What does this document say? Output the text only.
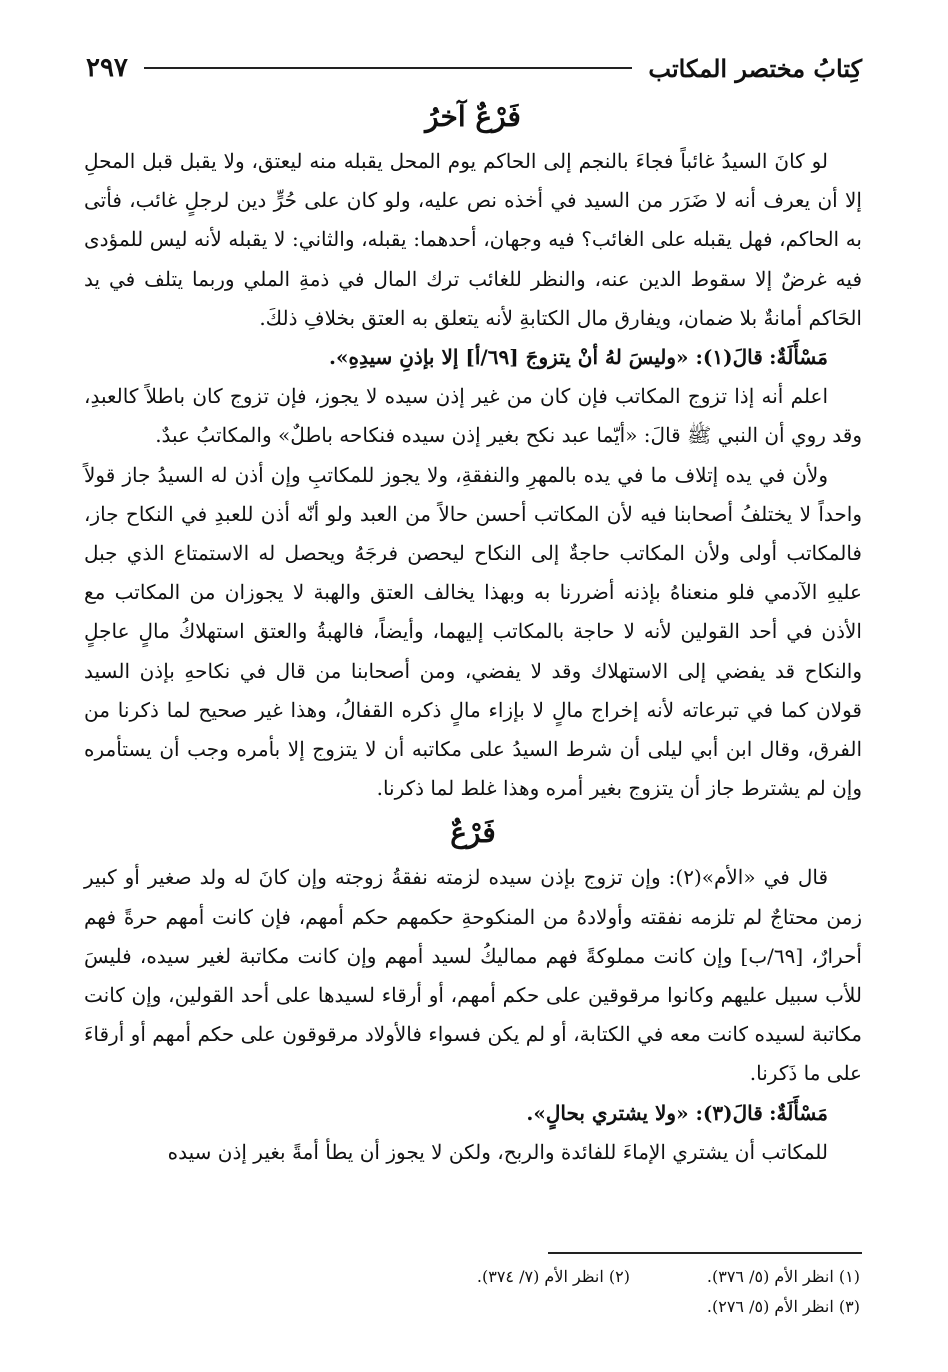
كِتابُ مختصر المكاتب
٢٩٧
فَرْعٌ آخرُ

لو كانَ السيدُ غائباً فجاءَ بالنجم إلى الحاكم يوم المحل يقبله منه ليعتق، ولا يقبل قبل المحلِ إلا أن يعرف أنه لا ضَرَر من السيد في أخذه نص عليه، ولو كان على حُرٍّ دين لرجلٍ غائب، فأتى به الحاكم، فهل يقبله على الغائب؟ فيه وجهان، أحدهما: يقبله، والثاني: لا يقبله لأنه ليس للمؤدى فيه غرضٌ إلا سقوط الدين عنه، والنظر للغائب ترك المال في ذمةِ الملي وربما يتلف في يد الحَاكم أمانةٌ بلا ضمان، ويفارق مال الكتابةِ لأنه يتعلق به العتق بخلافِ ذلكَ.

مَسْأَلَةٌ: قالَ(١): «وليسَ لهُ أنْ يتزوجَ [٦٩/أ] إلا بإذنِ سيدِهِ».

اعلم أنه إذا تزوج المكاتب فإن كان من غير إذن سيده لا يجوز، فإن تزوج كان باطلاً كالعبدِ، وقد روي أن النبي ﷺ قالَ: «أيّما عبد نكح بغير إذن سيده فنكاحه باطلٌ» والمكاتبُ عبدٌ.

ولأن في يده إتلاف ما في يده بالمهرِ والنفقةِ، ولا يجوز للمكاتبِ وإن أذن له السيدُ جاز قولاً واحداً لا يختلفُ أصحابنا فيه لأن المكاتب أحسن حالاً من العبد ولو أنّه أذن للعبدِ في النكاح جاز، فالمكاتب أولى ولأن المكاتب حاجةٌ إلى النكاح ليحصن فرجَهُ ويحصل له الاستمتاع الذي جبل عليهِ الآدمي فلو منعناهُ بإذنه أضررنا به وبهذا يخالف العتق والهبة لا يجوزان من المكاتب مع الأذن في أحد القولين لأنه لا حاجة بالمكاتب إليهما، وأيضاً، فالهبةُ والعتق استهلاكُ مالٍ عاجلٍ والنكاح قد يفضي إلى الاستهلاك وقد لا يفضي، ومن أصحابنا من قال في نكاحهِ بإذن السيد قولان كما في تبرعاته لأنه إخراج مالٍ لا بإزاء مالٍ ذكره القفالُ، وهذا غير صحيح لما ذكرنا من الفرق، وقال ابن أبي ليلى أن شرط السيدُ على مكاتبه أن لا يتزوج إلا بأمره وجب أن يستأمره وإن لم يشترط جاز أن يتزوج بغير أمره وهذا غلط لما ذكرنا.

فَرْعٌ

قال في «الأم»(٢): وإن تزوج بإذن سيده لزمته نفقةُ زوجته وإن كانَ له ولد صغير أو كبير زمن محتاجٌ لم تلزمه نفقته وأولادهُ من المنكوحةِ حكمهم حكم أمهم، فإن كانت أمهم حرةً فهم أحرارٌ، [٦٩/ب] وإن كانت مملوكةً فهم مماليكُ لسيد أمهم وإن كانت مكاتبة لغير سيده، فليسَ للأب سبيل عليهم وكانوا مرقوقين على حكم أمهم، أو أرقاء لسيدها على أحد القولين، وإن كانت مكاتبة لسيده كانت معه في الكتابة، أو لم يكن فسواء فالأولاد مرقوقون على حكم أمهم أو أرقاءَ على ما ذَكرنا.

مَسْأَلَةٌ: قالَ(٣): «ولا يشتري بحالٍ».

للمكاتب أن يشتري الإماءَ للفائدة والربح، ولكن لا يجوز أن يطأ أمةً بغير إذن سيده

(١) انظر الأم (٥/ ٣٧٦).
(٢) انظر الأم (٧/ ٣٧٤).
(٣) انظر الأم (٥/ ٢٧٦).
